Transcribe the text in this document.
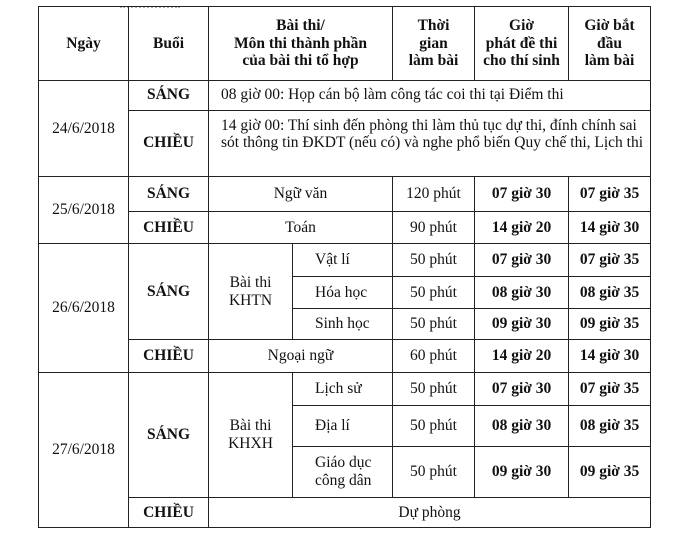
Ngày	Buổi	Bài thi/
Môn thi thành phần
của bài thi tổ hợp		Thời
gian
làm bài	Giờ
phát đề thi
cho thí sinh	Giờ bắt
đầu
làm bài
24/6/2018	SÁNG	08 giờ 00: Họp cán bộ làm công tác coi thi tại Điểm thi				
	CHIỀU	14 giờ 00: Thí sinh đến phòng thi làm thủ tục dự thi, đính chính sai sót thông tin ĐKDT (nếu có) và nghe phổ biến Quy chế thi, Lịch thi				
25/6/2018	SÁNG	Ngữ văn		120 phút	07 giờ 30	07 giờ 35
	CHIỀU	Toán		90 phút	14 giờ 20	14 giờ 30
26/6/2018	SÁNG	Bài thi
KHTN	Vật lí	50 phút	07 giờ 30	07 giờ 35
			Hóa học	50 phút	08 giờ 30	08 giờ 35
			Sinh học	50 phút	09 giờ 30	09 giờ 35
	CHIỀU	Ngoại ngữ		60 phút	14 giờ 20	14 giờ 30
27/6/2018	SÁNG	Bài thi
KHXH	Lịch sử	50 phút	07 giờ 30	07 giờ 35
			Địa lí	50 phút	08 giờ 30	08 giờ 35
			Giáo dục
công dân	50 phút	09 giờ 30	09 giờ 35
	CHIỀU	Dự phòng				
